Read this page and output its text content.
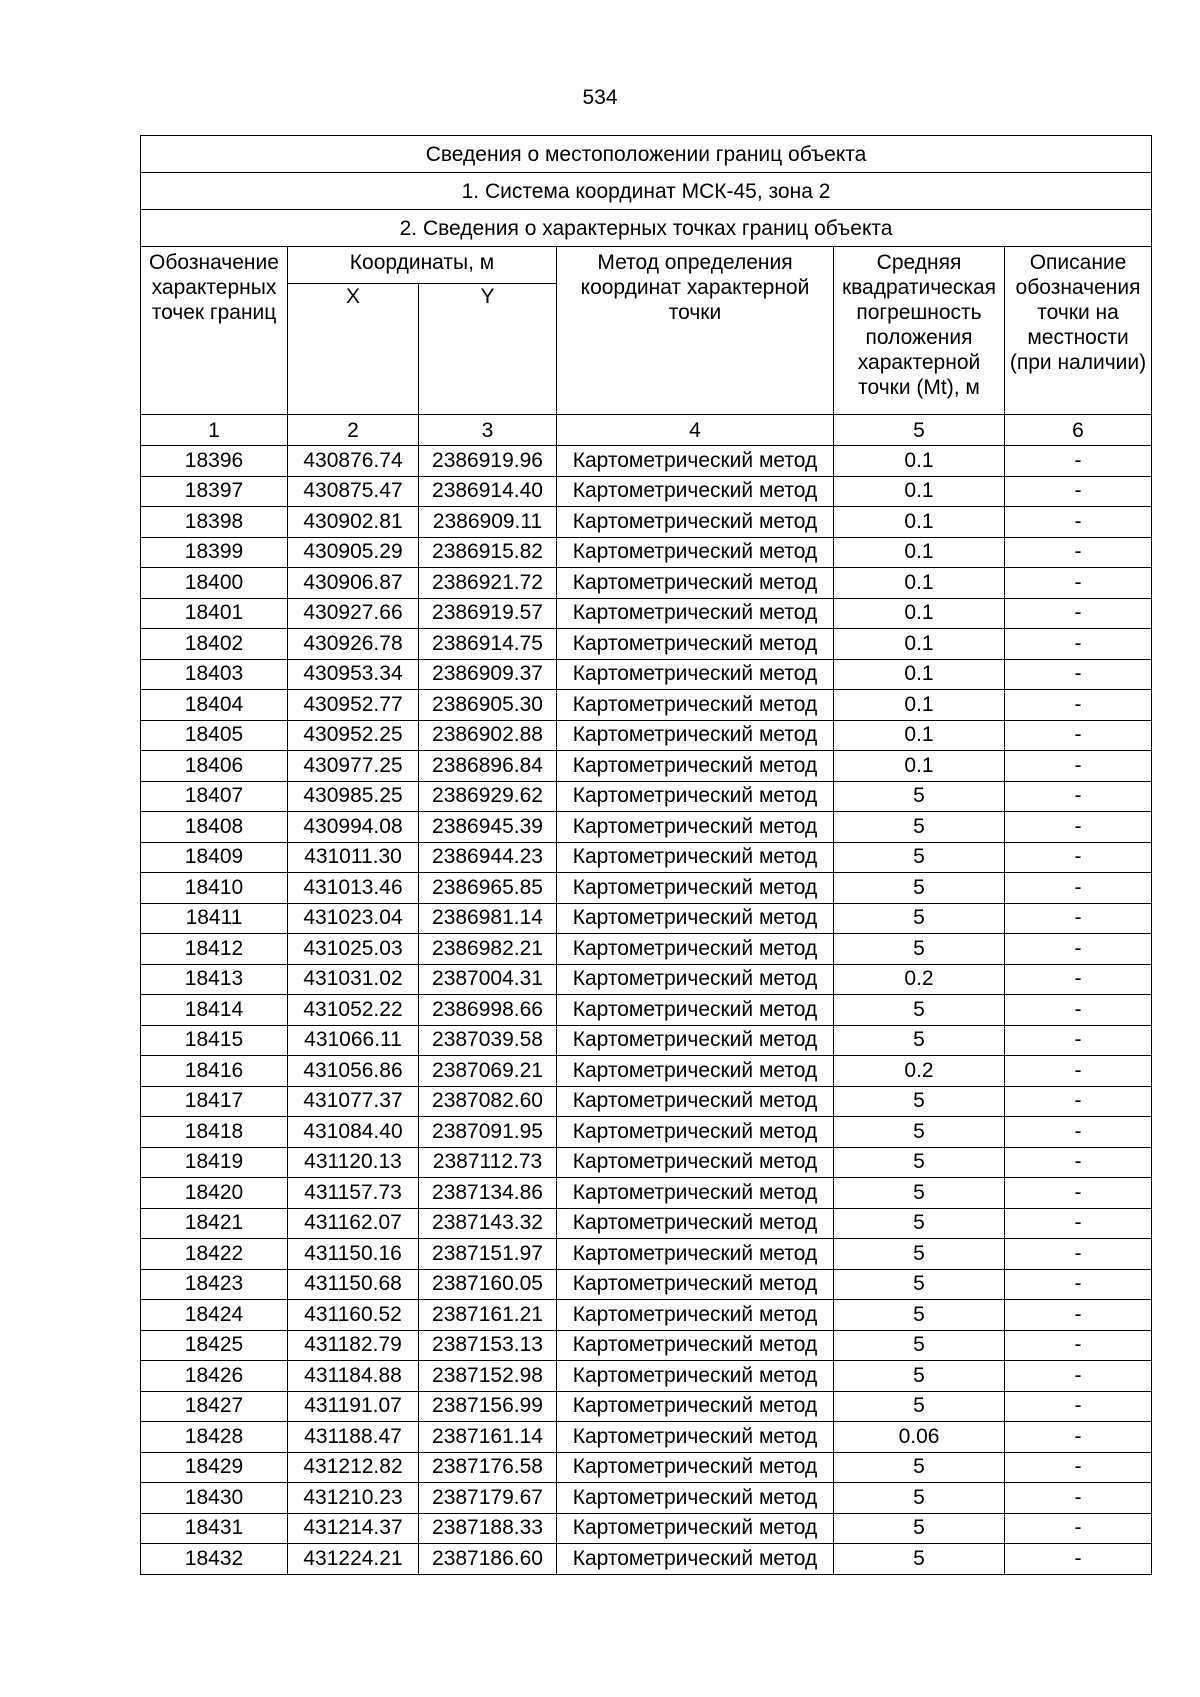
534
Сведения о местоположении границ объекта					
1. Система координат МСК-45, зона 2					
2. Сведения о характерных точках границ объекта					
Обозначение характерных точек границ	Координаты, м		Метод определения координат характерной точки	Средняя квадратическая погрешность положения характерной точки (Mt), м	Описание обозначения точки на местности (при наличии)
	X	Y			
1	2	3	4	5	6
18396	430876.74	2386919.96	Картометрический метод	0.1	-
18397	430875.47	2386914.40	Картометрический метод	0.1	-
18398	430902.81	2386909.11	Картометрический метод	0.1	-
18399	430905.29	2386915.82	Картометрический метод	0.1	-
18400	430906.87	2386921.72	Картометрический метод	0.1	-
18401	430927.66	2386919.57	Картометрический метод	0.1	-
18402	430926.78	2386914.75	Картометрический метод	0.1	-
18403	430953.34	2386909.37	Картометрический метод	0.1	-
18404	430952.77	2386905.30	Картометрический метод	0.1	-
18405	430952.25	2386902.88	Картометрический метод	0.1	-
18406	430977.25	2386896.84	Картометрический метод	0.1	-
18407	430985.25	2386929.62	Картометрический метод	5	-
18408	430994.08	2386945.39	Картометрический метод	5	-
18409	431011.30	2386944.23	Картометрический метод	5	-
18410	431013.46	2386965.85	Картометрический метод	5	-
18411	431023.04	2386981.14	Картометрический метод	5	-
18412	431025.03	2386982.21	Картометрический метод	5	-
18413	431031.02	2387004.31	Картометрический метод	0.2	-
18414	431052.22	2386998.66	Картометрический метод	5	-
18415	431066.11	2387039.58	Картометрический метод	5	-
18416	431056.86	2387069.21	Картометрический метод	0.2	-
18417	431077.37	2387082.60	Картометрический метод	5	-
18418	431084.40	2387091.95	Картометрический метод	5	-
18419	431120.13	2387112.73	Картометрический метод	5	-
18420	431157.73	2387134.86	Картометрический метод	5	-
18421	431162.07	2387143.32	Картометрический метод	5	-
18422	431150.16	2387151.97	Картометрический метод	5	-
18423	431150.68	2387160.05	Картометрический метод	5	-
18424	431160.52	2387161.21	Картометрический метод	5	-
18425	431182.79	2387153.13	Картометрический метод	5	-
18426	431184.88	2387152.98	Картометрический метод	5	-
18427	431191.07	2387156.99	Картометрический метод	5	-
18428	431188.47	2387161.14	Картометрический метод	0.06	-
18429	431212.82	2387176.58	Картометрический метод	5	-
18430	431210.23	2387179.67	Картометрический метод	5	-
18431	431214.37	2387188.33	Картометрический метод	5	-
18432	431224.21	2387186.60	Картометрический метод	5	-
